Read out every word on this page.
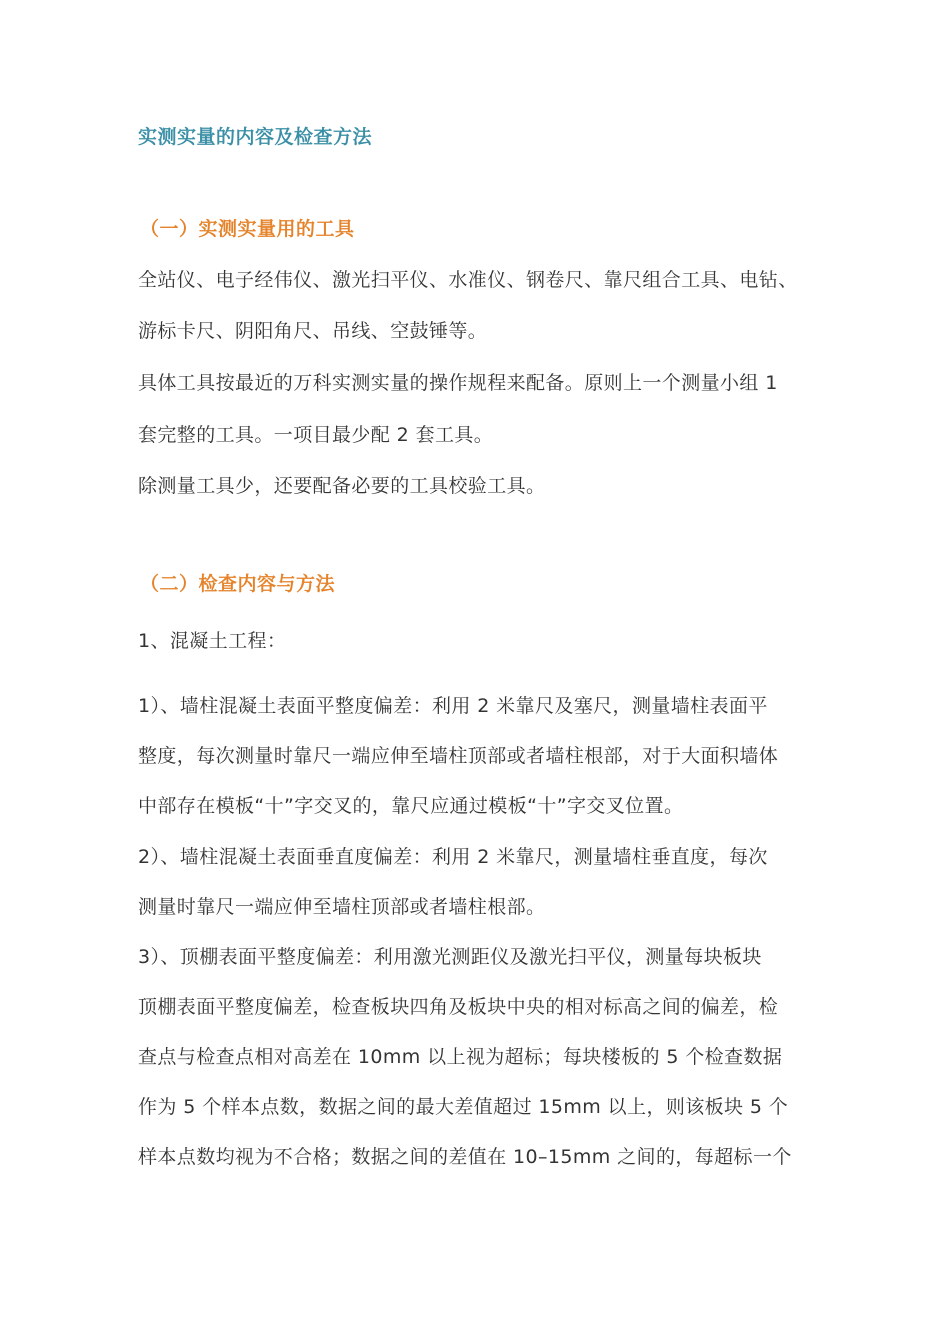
实测实量的内容及检查方法
（一）实测实量用的工具
全站仪、电子经伟仪、激光扫平仪、水准仪、钢卷尺、靠尺组合工具、电钻、
游标卡尺、阴阳角尺、吊线、空鼓锤等。
具体工具按最近的万科实测实量的操作规程来配备。原则上一个测量小组 1
套完整的工具。一项目最少配 2 套工具。
除测量工具少，还要配备必要的工具校验工具。
（二）检查内容与方法
1、混凝土工程：
1）、墙柱混凝土表面平整度偏差：利用 2 米靠尺及塞尺，测量墙柱表面平
整度，每次测量时靠尺一端应伸至墙柱顶部或者墙柱根部，对于大面积墙体
中部存在模板“十”字交叉的，靠尺应通过模板“十”字交叉位置。
2）、墙柱混凝土表面垂直度偏差：利用 2 米靠尺，测量墙柱垂直度，每次
测量时靠尺一端应伸至墙柱顶部或者墙柱根部。
3）、顶棚表面平整度偏差：利用激光测距仪及激光扫平仪，测量每块板块
顶棚表面平整度偏差，检查板块四角及板块中央的相对标高之间的偏差，检
查点与检查点相对高差在 10mm 以上视为超标；每块楼板的 5 个检查数据
作为 5 个样本点数，数据之间的最大差值超过 15mm 以上，则该板块 5 个
样本点数均视为不合格；数据之间的差值在 10–15mm 之间的，每超标一个
